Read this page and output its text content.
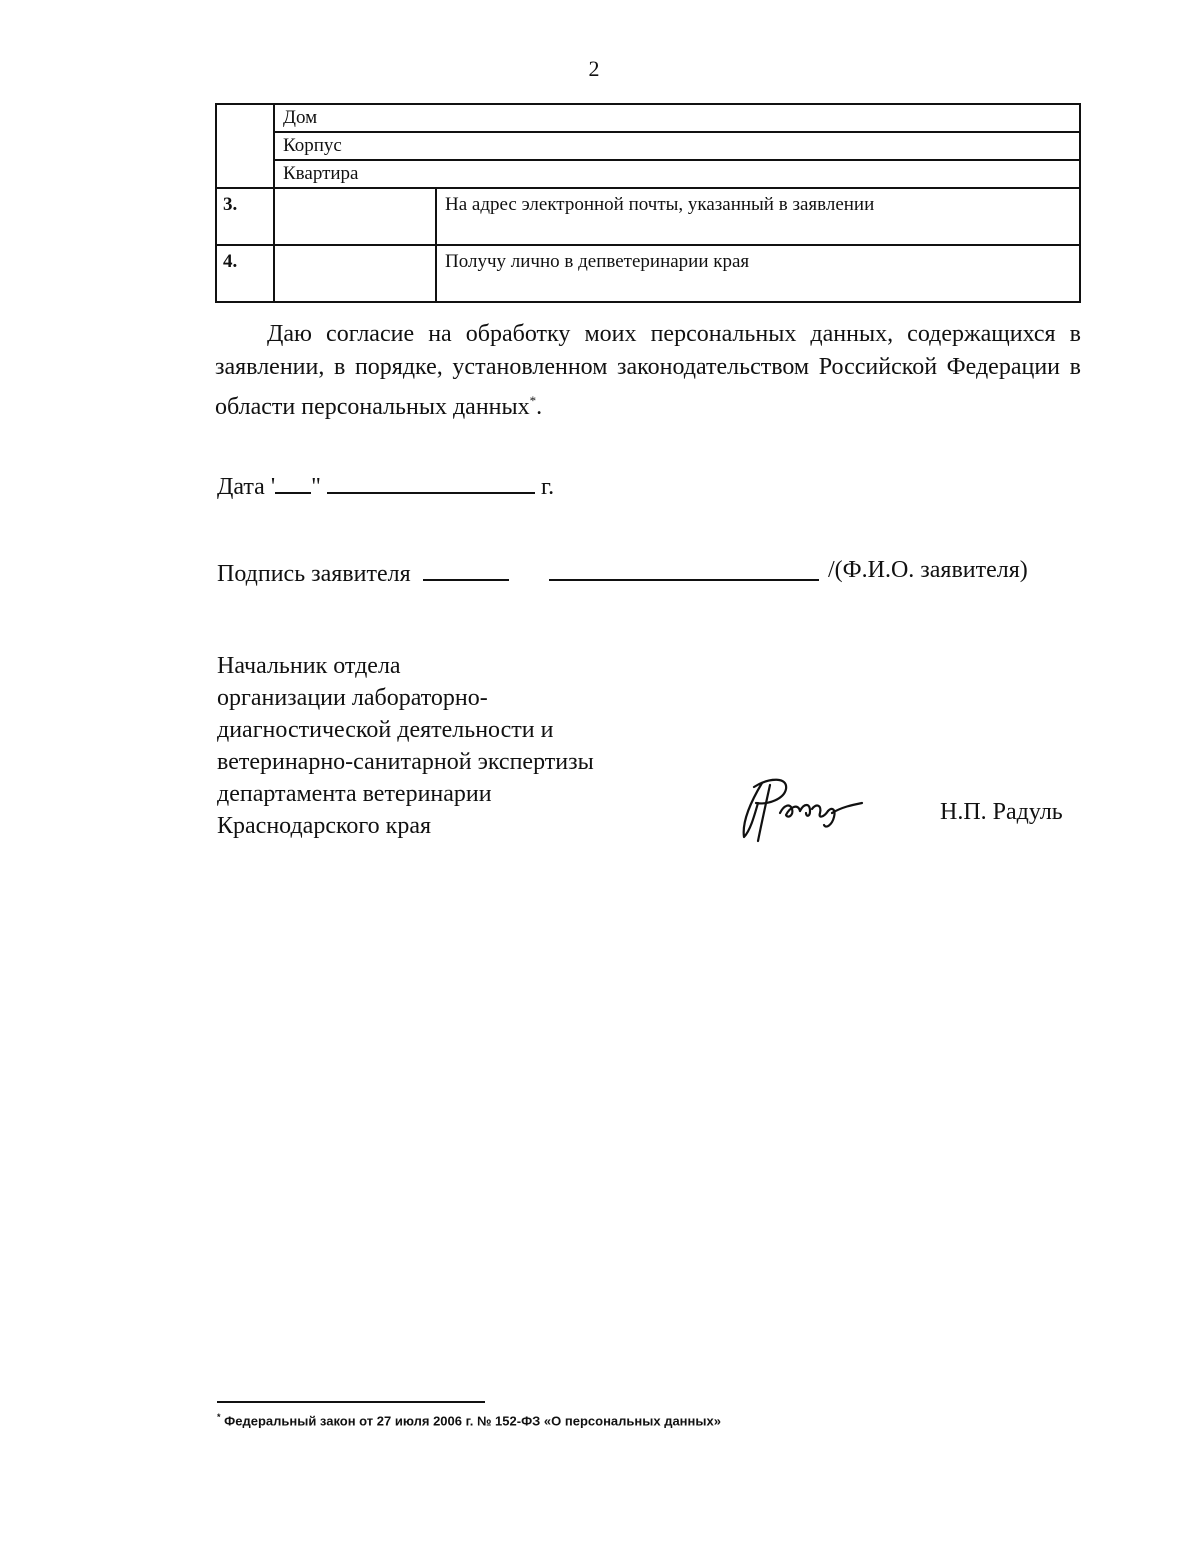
2
	Дом	
	Корпус	
	Квартира	
3.		На адрес электронной почты, указанный в заявлении
4.		Получу лично в депветеринарии края

Даю согласие на обработку моих персональных данных, содержащихся в заявлении, в порядке, установленном законодательством Российской Федерации в области персональных данных*.

Дата ' "	г.
Подпись заявителя	/(Ф.И.О. заявителя)
Начальник отдела
организации лабораторно-
диагностической деятельности и
ветеринарно-санитарной экспертизы
департамента ветеринарии
Краснодарского края
Н.П. Радуль
* Федеральный закон от 27 июля 2006 г. № 152-ФЗ «О персональных данных»
